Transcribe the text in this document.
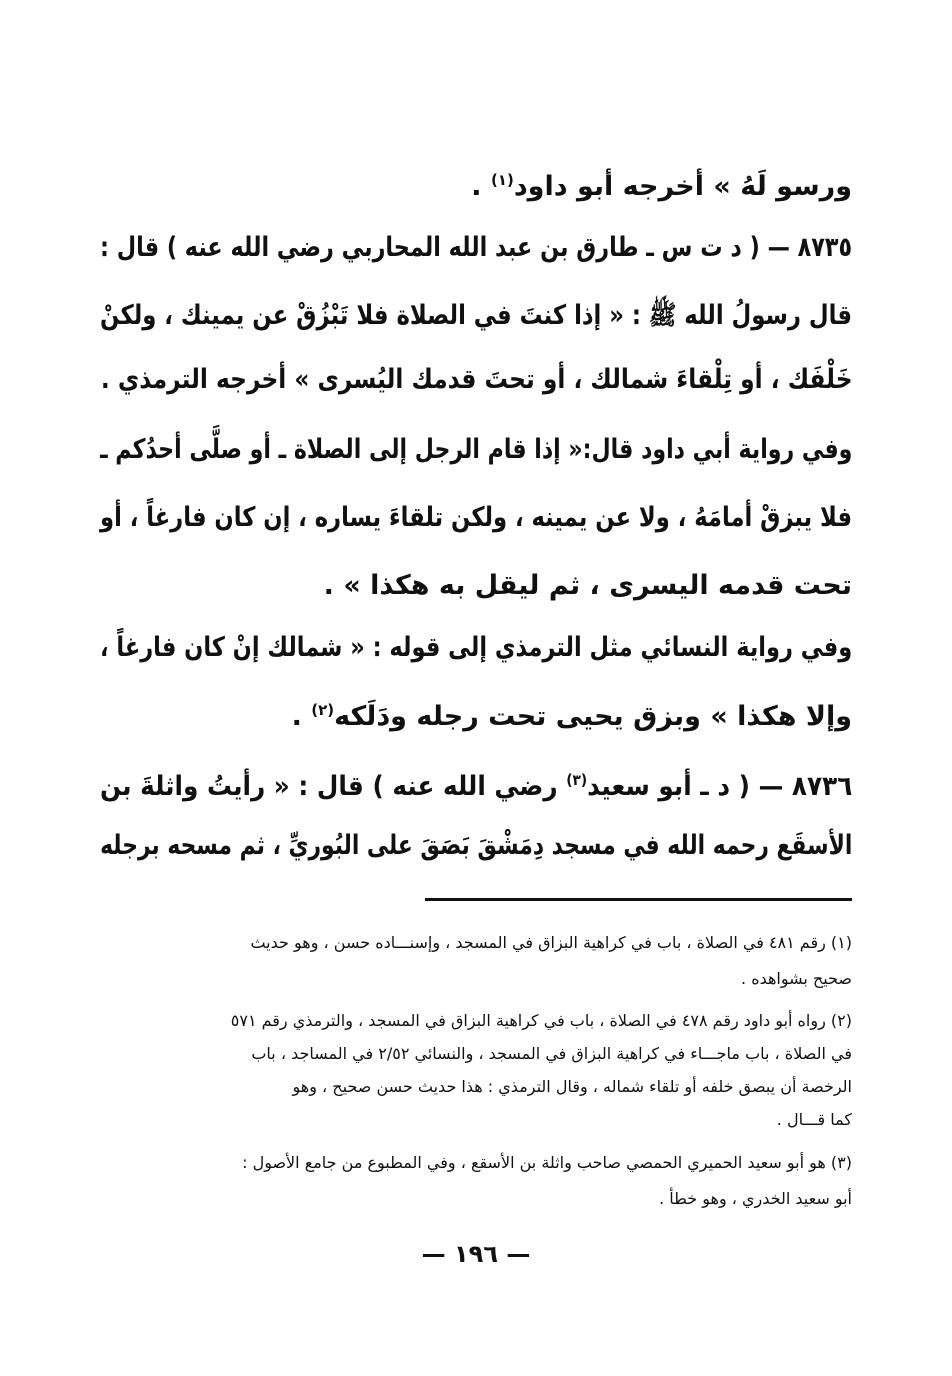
ورسو لَهُ » أخرجه أبو داود$^{(١)}$ .
٨٧٣٥ — ( د ت س ـ طارق بن عبد الله المحاربي رضي الله عنه ) قال :
قال رسولُ الله ﷺ : « إذا كنتَ في الصلاة فلا تَبْزُقْ عن يمينك ، ولكنْ
خَلْفَك ، أو تِلْقاءَ شمالك ، أو تحتَ قدمك اليُسرى » أخرجه الترمذي .
وفي رواية أبي داود قال:« إذا قام الرجل إلى الصلاة ـ أو صلَّى أحدُكم ـ
فلا يبزقْ أمامَهُ ، ولا عن يمينه ، ولكن تلقاءَ يساره ، إن كان فارغاً ، أو
تحت قدمه اليسرى ، ثم ليقل به هكذا » .
وفي رواية النسائي مثل الترمذي إلى قوله : « شمالك إنْ كان فارغاً ،
وإلا هكذا » وبزق يحيى تحت رجله ودَلَكه$^{(٢)}$ .
٨٧٣٦ — ( د ـ أبو سعيد$^{(٣)}$ رضي الله عنه ) قال : « رأيتُ واثلةَ بن
الأسقَع رحمه الله في مسجد دِمَشْقَ بَصَقَ على البُوريِّ ، ثم مسحه برجله
(١) رقم ٤٨١ في الصلاة ، باب في كراهية البزاق في المسجد ، وإسنـــاده حسن ، وهو حديث
صحيح بشواهده .
(٢) رواه أبو داود رقم ٤٧٨ في الصلاة ، باب في كراهية البزاق في المسجد ، والترمذي رقم ٥٧١
في الصلاة ، باب ماجـــاء في كراهية البزاق في المسجد ، والنسائي ٢/٥٢ في المساجد ، باب
الرخصة أن يبصق خلفه أو تلقاء شماله ، وقال الترمذي : هذا حديث حسن صحيح ، وهو
كما قـــال .
(٣) هو أبو سعيد الحميري الحمصي صاحب واثلة بن الأسقع ، وفي المطبوع من جامع الأصول :
أبو سعيد الخدري ، وهو خطأ .
— ١٩٦ —
